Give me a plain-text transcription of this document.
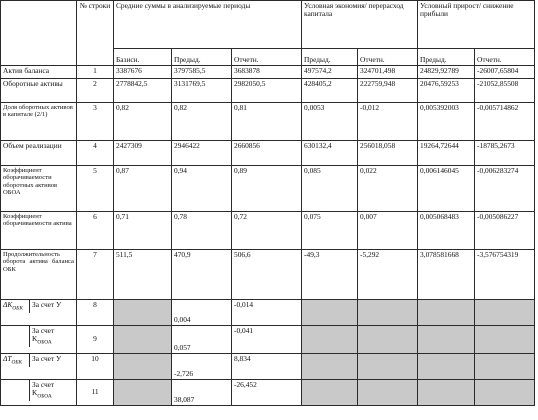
	№ строки	Средние суммы в анализируемые периоды			Условная экономия/ перерасход капитала		Условный прирост/ снижение прибыли	
		Базисн.	Предыд.	Отчетн.	Предыд.	Отчетн.	Предыд.	Отчетн.
Актив баланса	1	3387676	3797585,5	3683878	497574,2	324701,498	24829,92789	-26007,65804
Оборотные активы	2	2778842,5	3131769,5	2982050,5	428405,2	222759,948	20476,59253	-21052,85508
Доля оборотных активов в капитале (2/1)	3	0,82	0,82	0,81	0,0053	-0,012	0,005392003	-0,005714862
Объем реализации	4	2427309	2946422	2660856	630132,4	256018,058	19264,72644	-18785,2673
Коэффициент оборачиваемости оборотных активов ОБОА	5	0,87	0,94	0,89	0,085	0,022	0,006146045	-0,006283274
Коэффициент оборачиваемости актива	6	0,71	0,78	0,72	0,075	0,007	0,005068483	-0,005086227
Продолжительность оборота актива баланса ОБК	7	511,5	470,9	506,6	-49,3	-5,292	3,078581668	-3,576754319

$\Delta K_{ОБК}$ За счет У	8		0,004	-0,014				

За счет $K_{ОБОА}$	9		0,057	-0,041				

$\Delta T_{ОБК}$ За счет У	10		-2,726	8,834				

За счет $K_{ОБОА}$	11		38,087	-26,452				
